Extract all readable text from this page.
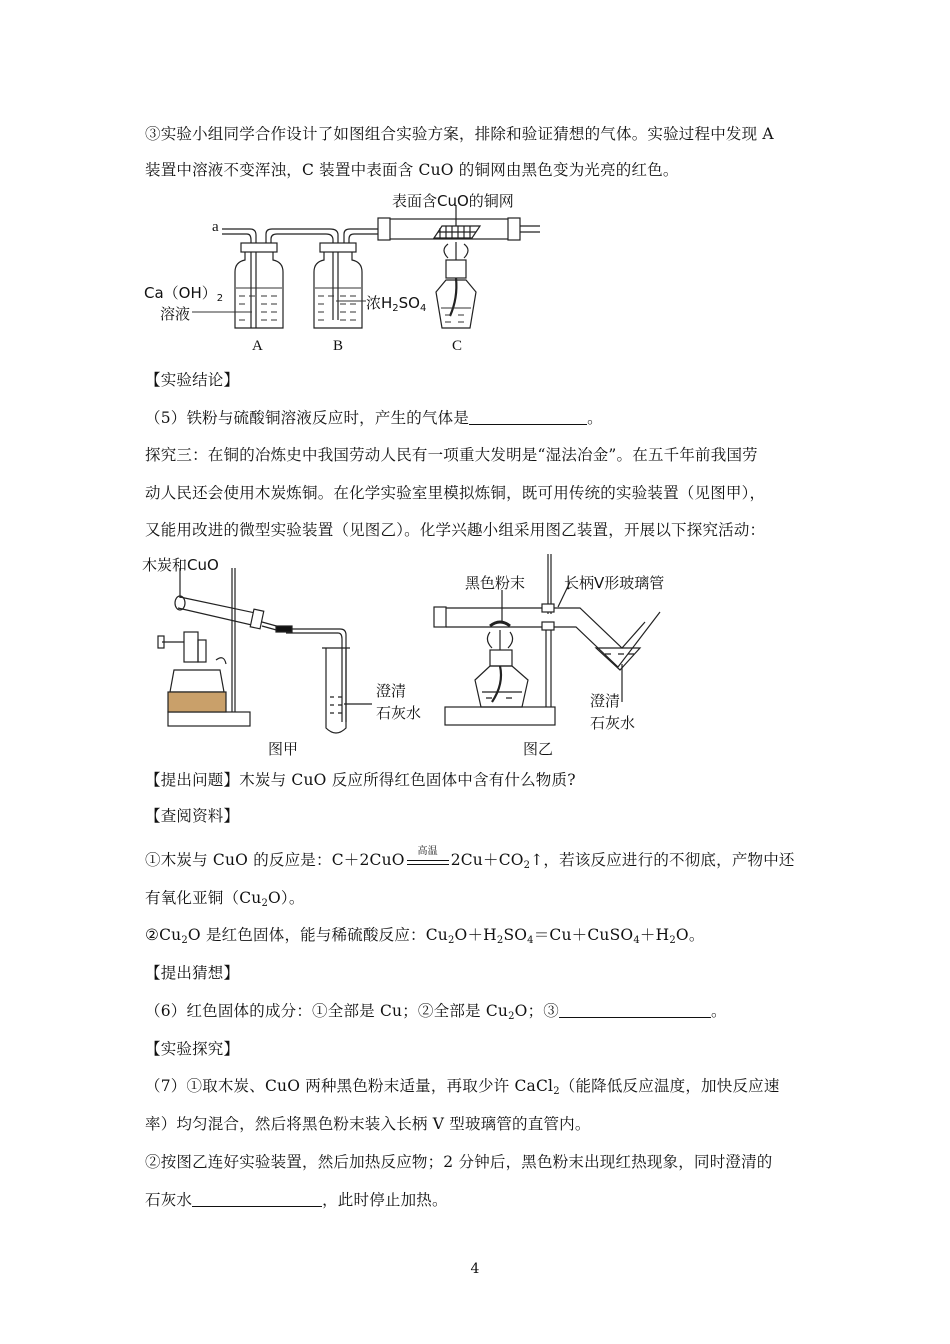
③实验小组同学合作设计了如图组合实验方案，排除和验证猜想的气体。实验过程中发现 A
装置中溶液不变浑浊，C 装置中表面含 CuO 的铜网由黑色变为光亮的红色。
a
表面含CuO的铜网
$Ca(OH)_2$
溶液
浓$H_2SO_4$
A	B	C
【实验结论】
（5）铁粉与硫酸铜溶液反应时，产生的气体是	。
探究三：在铜的冶炼史中我国劳动人民有一项重大发明是“湿法冶金”。在五千年前我国劳
动人民还会使用木炭炼铜。在化学实验室里模拟炼铜，既可用传统的实验装置（见图甲），
又能用改进的微型实验装置（见图乙）。化学兴趣小组采用图乙装置，开展以下探究活动：
木炭和CuO
澄清
石灰水
图甲
黑色粉末	长柄V形玻璃管
澄清
石灰水
图乙
【提出问题】木炭与 CuO 反应所得红色固体中含有什么物质?
【查阅资料】
①木炭与 CuO 的反应是：C＋2CuO	高温 $2Cu+CO_2↑$，若该反应进行的不彻底，产物中还
有氧化亚铜$(Cu_2O)$。
$②Cu_2O$ 是红色固体，能与稀硫酸反应：$Cu_2O+H_2SO_4=Cu+CuSO_4+H_2O$。
【提出猜想】
（6）红色固体的成分：①全部是 Cu；②全部是 $Cu_2O$；③	。
【实验探究】
（7）①取木炭、CuO 两种黑色粉末适量，再取少许 CaCl$_2$（能降低反应温度，加快反应速
率）均匀混合，然后将黑色粉末装入长柄 V 型玻璃管的直管内。
②按图乙连好实验装置，然后加热反应物；2 分钟后，黑色粉末出现红热现象，同时澄清的
石灰水	，此时停止加热。
4
